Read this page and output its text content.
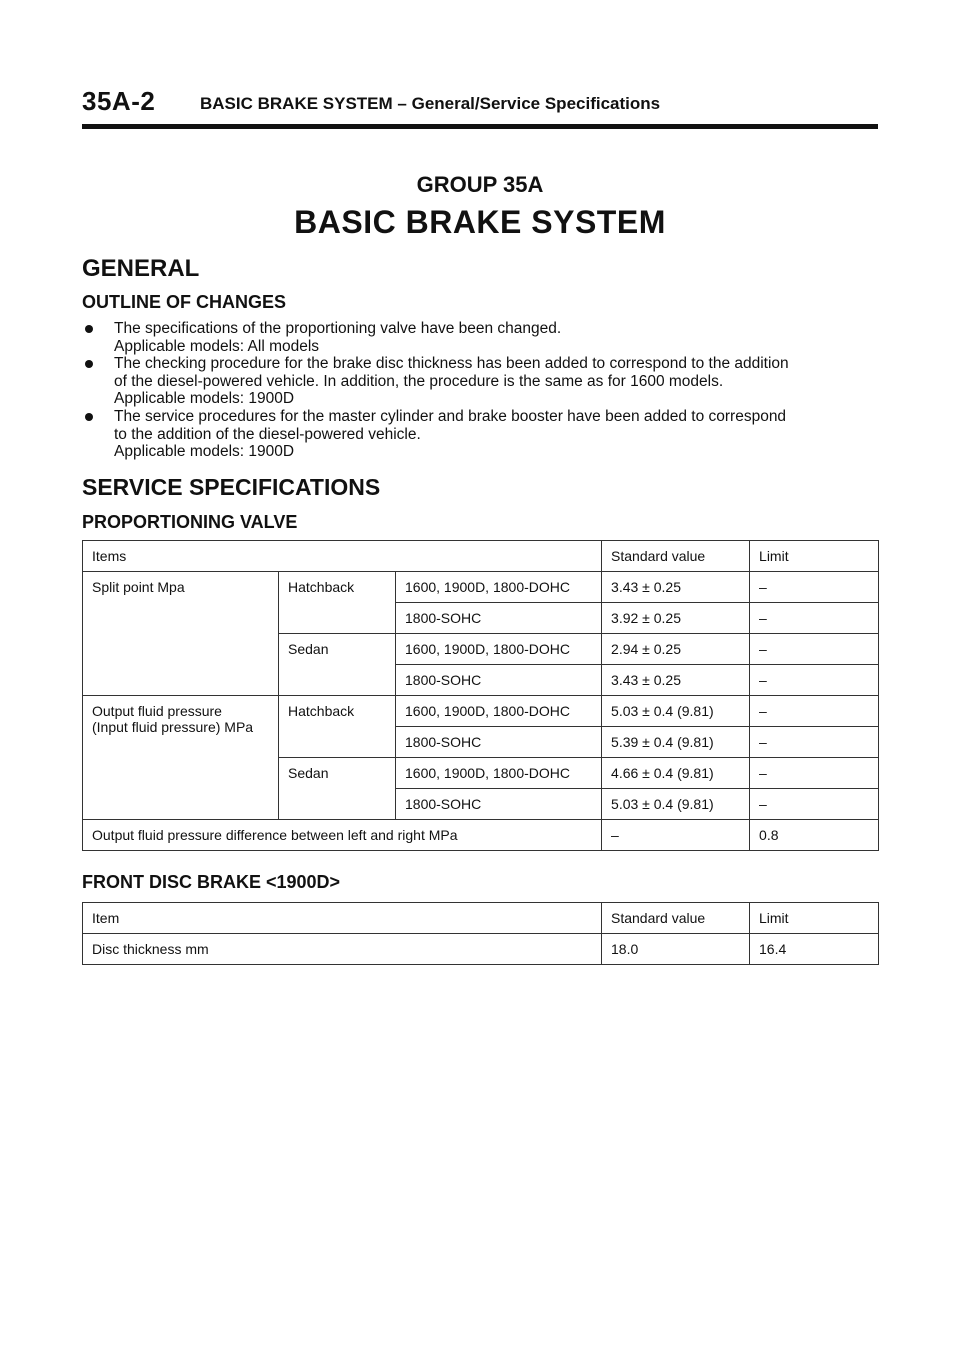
35A-2	BASIC BRAKE SYSTEM – General/Service Specifications
GROUP 35A
BASIC BRAKE SYSTEM
GENERAL
OUTLINE OF CHANGES
The specifications of the proportioning valve have been changed.
Applicable models: All models
The checking procedure for the brake disc thickness has been added to correspond to the addition
of the diesel-powered vehicle. In addition, the procedure is the same as for 1600 models.
Applicable models: 1900D
The service procedures for the master cylinder and brake booster have been added to correspond
to the addition of the diesel-powered vehicle.
Applicable models: 1900D
SERVICE SPECIFICATIONS
PROPORTIONING VALVE
Items			Standard value	Limit
Split point Mpa	Hatchback	1600, 1900D, 1800-DOHC	3.43 ± 0.25	–
		1800-SOHC	3.92 ± 0.25	–
	Sedan	1600, 1900D, 1800-DOHC	2.94 ± 0.25	–
		1800-SOHC	3.43 ± 0.25	–

Output fluid pressure
(Input fluid pressure) MPa	Hatchback	1600, 1900D, 1800-DOHC	5.03 ± 0.4 (9.81)	–
		1800-SOHC	5.39 ± 0.4 (9.81)	–
	Sedan	1600, 1900D, 1800-DOHC	4.66 ± 0.4 (9.81)	–
		1800-SOHC	5.03 ± 0.4 (9.81)	–
Output fluid pressure difference between left and right MPa			–	0.8
FRONT DISC BRAKE <1900D>
Item	Standard value	Limit
Disc thickness mm	18.0	16.4
